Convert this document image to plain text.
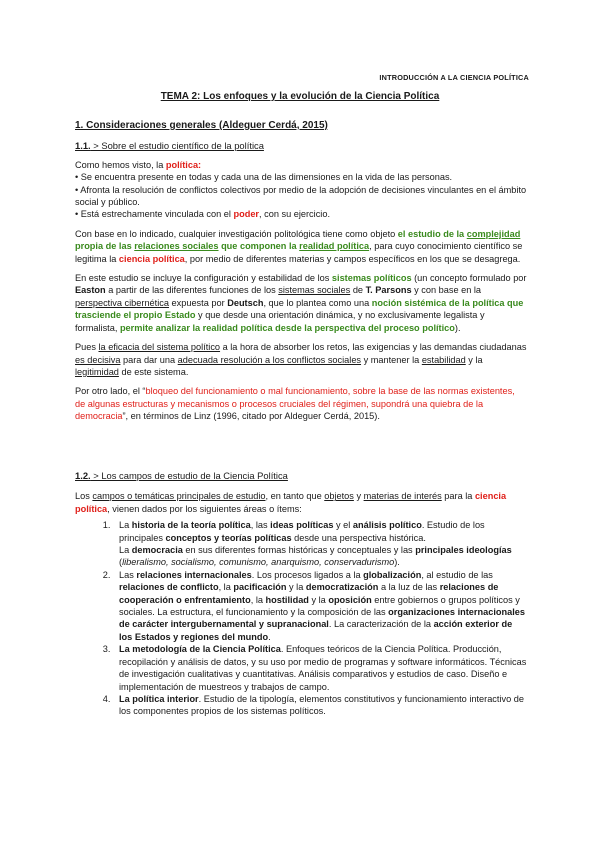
INTRODUCCIÓN A LA CIENCIA POLÍTICA
TEMA 2: Los enfoques y la evolución de la Ciencia Política

1. Consideraciones generales (Aldeguer Cerdá, 2015)

1.1. > Sobre el estudio científico de la política

Como hemos visto, la política:

• Se encuentra presente en todas y cada una de las dimensiones en la vida de las personas.

• Afronta la resolución de conflictos colectivos por medio de la adopción de decisiones vinculantes en el ámbito social y público.

• Está estrechamente vinculada con el poder, con su ejercicio.

Con base en lo indicado, cualquier investigación politológica tiene como objeto el estudio de la complejidad propia de las relaciones sociales que componen la realidad política, para cuyo conocimiento científico se legitima la ciencia política, por medio de diferentes materias y campos específicos en los que se desagrega.

En este estudio se incluye la configuración y estabilidad de los sistemas políticos (un concepto formulado por Easton a partir de las diferentes funciones de los sistemas sociales de T. Parsons y con base en la perspectiva cibernética expuesta por Deutsch, que lo plantea como una noción sistémica de la política que trasciende el propio Estado y que desde una orientación dinámica, y no exclusivamente legalista y formalista, permite analizar la realidad política desde la perspectiva del proceso político).

Pues la eficacia del sistema político a la hora de absorber los retos, las exigencias y las demandas ciudadanas es decisiva para dar una adecuada resolución a los conflictos sociales y mantener la estabilidad y la legitimidad de este sistema.

Por otro lado, el “bloqueo del funcionamiento o mal funcionamiento, sobre la base de las normas existentes, de algunas estructuras y mecanismos o procesos cruciales del régimen, supondrá una quiebra de la democracia”, en términos de Linz (1996, citado por Aldeguer Cerdá, 2015).

1.2. > Los campos de estudio de la Ciencia Política

Los campos o temáticas principales de estudio, en tanto que objetos y materias de interés para la ciencia política, vienen dados por los siguientes áreas o ítems:

1. La historia de la teoría política, las ideas políticas y el análisis político. Estudio de los principales conceptos y teorías políticas desde una perspectiva histórica.
La democracia en sus diferentes formas históricas y conceptuales y las principales ideologías (liberalismo, socialismo, comunismo, anarquismo, conservadurismo).
2. Las relaciones internacionales. Los procesos ligados a la globalización, al estudio de las relaciones de conflicto, la pacificación y la democratización a la luz de las relaciones de cooperación o enfrentamiento, la hostilidad y la oposición entre gobiernos o grupos políticos y sociales. La estructura, el funcionamiento y la composición de las organizaciones internacionales de carácter intergubernamental y supranacional. La caracterización de la acción exterior de los Estados y regiones del mundo.
3. La metodología de la Ciencia Política. Enfoques teóricos de la Ciencia Política. Producción, recopilación y análisis de datos, y su uso por medio de programas y software informáticos. Técnicas de investigación cualitativas y cuantitativas. Análisis comparativos y estudios de caso. Diseño e implementación de muestreos y trabajos de campo.
4. La política interior. Estudio de la tipología, elementos constitutivos y funcionamiento interactivo de los componentes propios de los sistemas políticos.
